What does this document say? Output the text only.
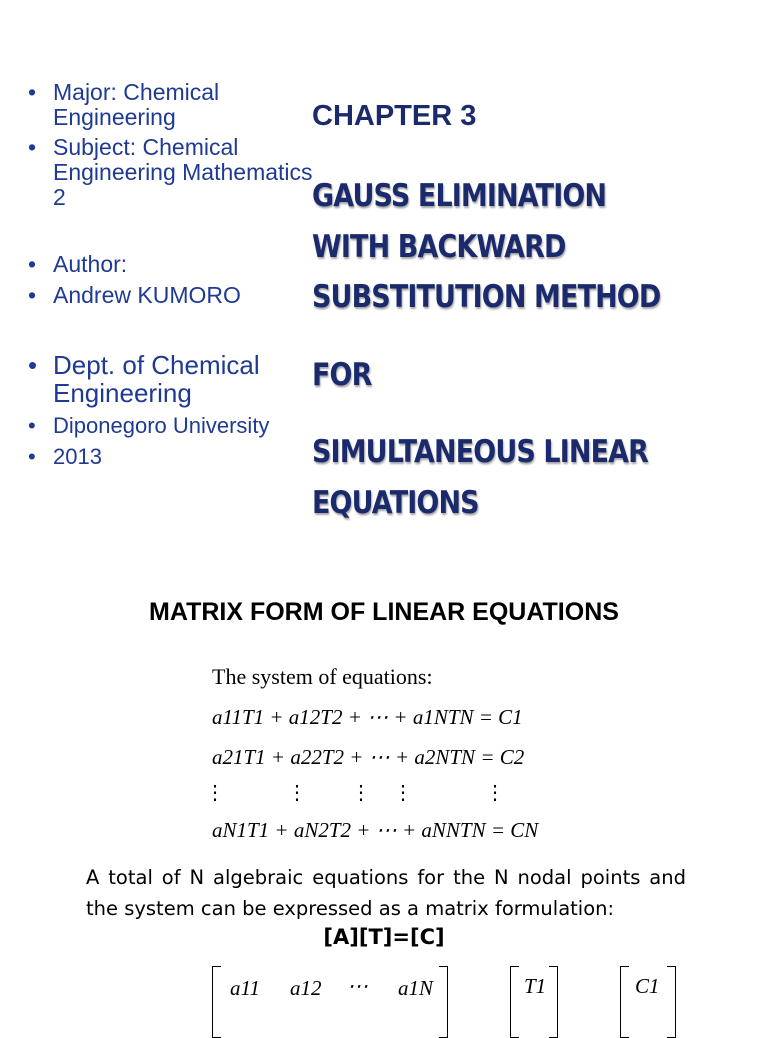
• Major: Chemical Engineering
• Subject: Chemical Engineering Mathematics 2
• Author:
• Andrew KUMORO
• Dept. of Chemical Engineering
• Diponegoro University
• 2013
CHAPTER 3
GAUSS ELIMINATION
WITH BACKWARD
SUBSTITUTION METHOD
FOR
SIMULTANEOUS LINEAR
EQUATIONS
MATRIX FORM OF LINEAR EQUATIONS
The system of equations:
a11T1 + a12T2 + ⋯ + a1NTN = C1
a21T1 + a22T2 + ⋯ + a2NTN = C2
⋮	⋮ ⋮ ⋮	⋮
aN1T1 + aN2T2 + ⋯ + aNNTN = CN

A total of N algebraic equations for the N nodal points and the system can be expressed as a matrix formulation:

[A][T]=[C]
a11 a12 ⋯ a1N	T1	C1
